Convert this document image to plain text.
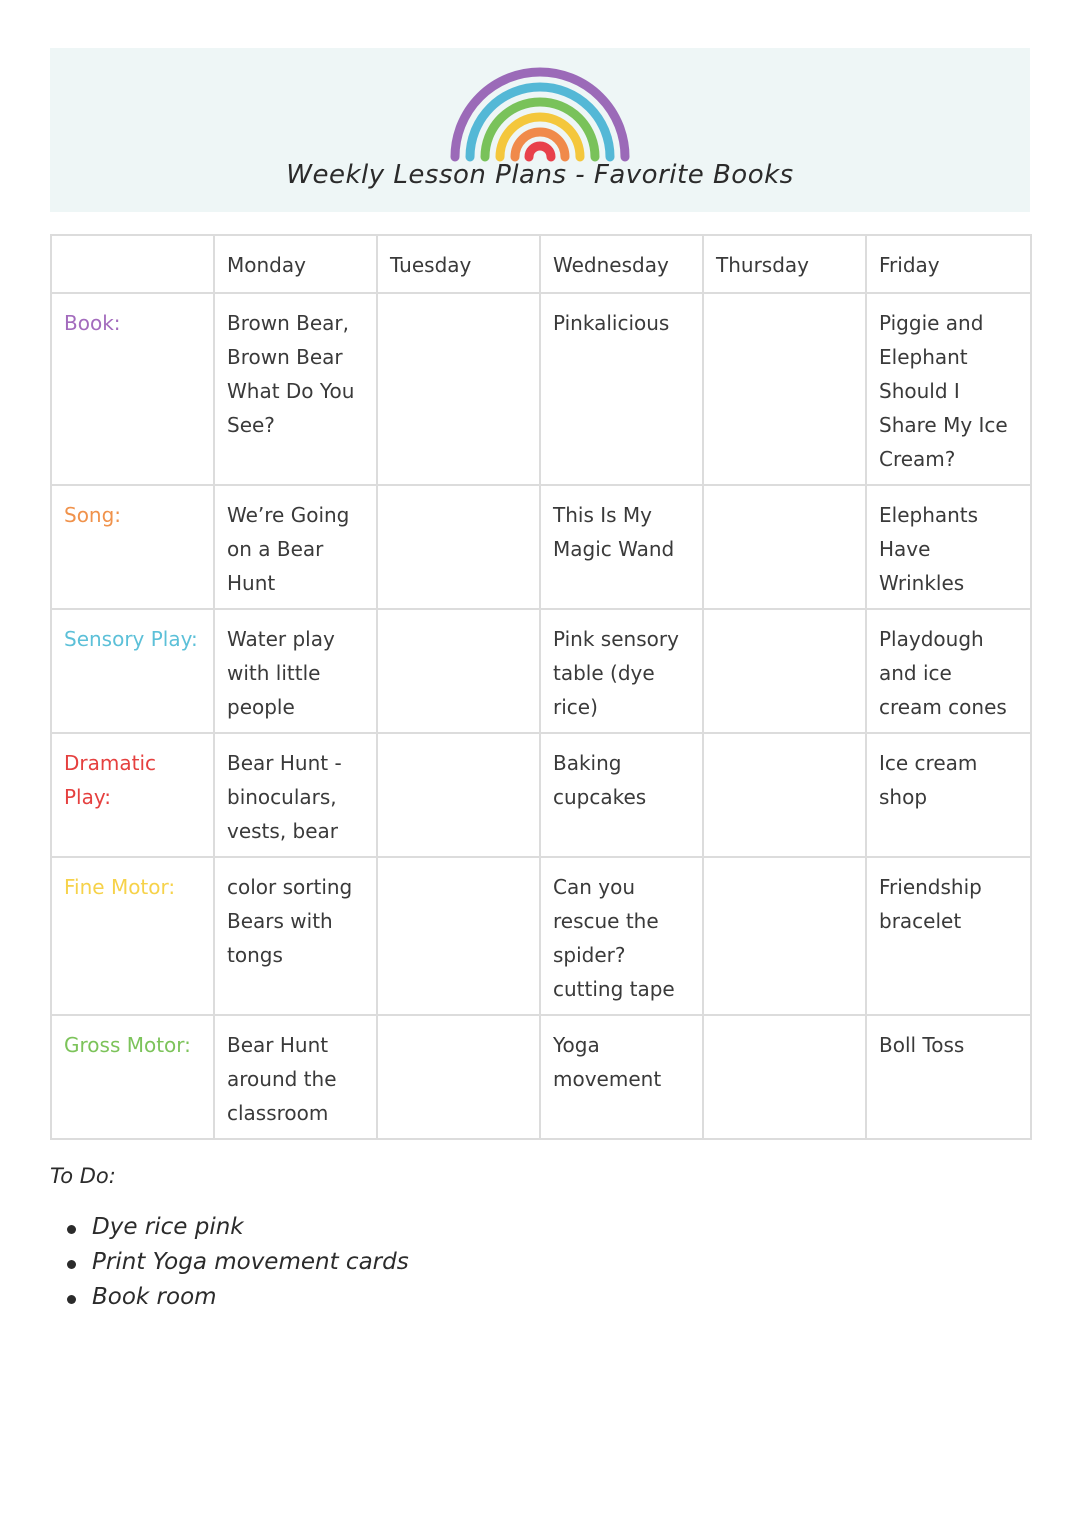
Weekly Lesson Plans - Favorite Books
	Monday	Tuesday	Wednesday	Thursday	Friday
Book:	Brown Bear, Brown Bear What Do You See?		Pinkalicious		Piggie and Elephant Should I Share My Ice Cream?
Song:	We’re Going on a Bear Hunt		This Is My Magic Wand		Elephants Have Wrinkles
Sensory Play:	Water play with little people		Pink sensory table (dye rice)		Playdough and ice cream cones
Dramatic Play:	Bear Hunt - binoculars, vests, bear		Baking cupcakes		Ice cream shop
Fine Motor:	color sorting Bears with tongs		Can you rescue the spider? cutting tape		Friendship bracelet
Gross Motor:	Bear Hunt around the classroom		Yoga movement		Boll Toss
To Do:
Dye rice pink
Print Yoga movement cards
Book room
